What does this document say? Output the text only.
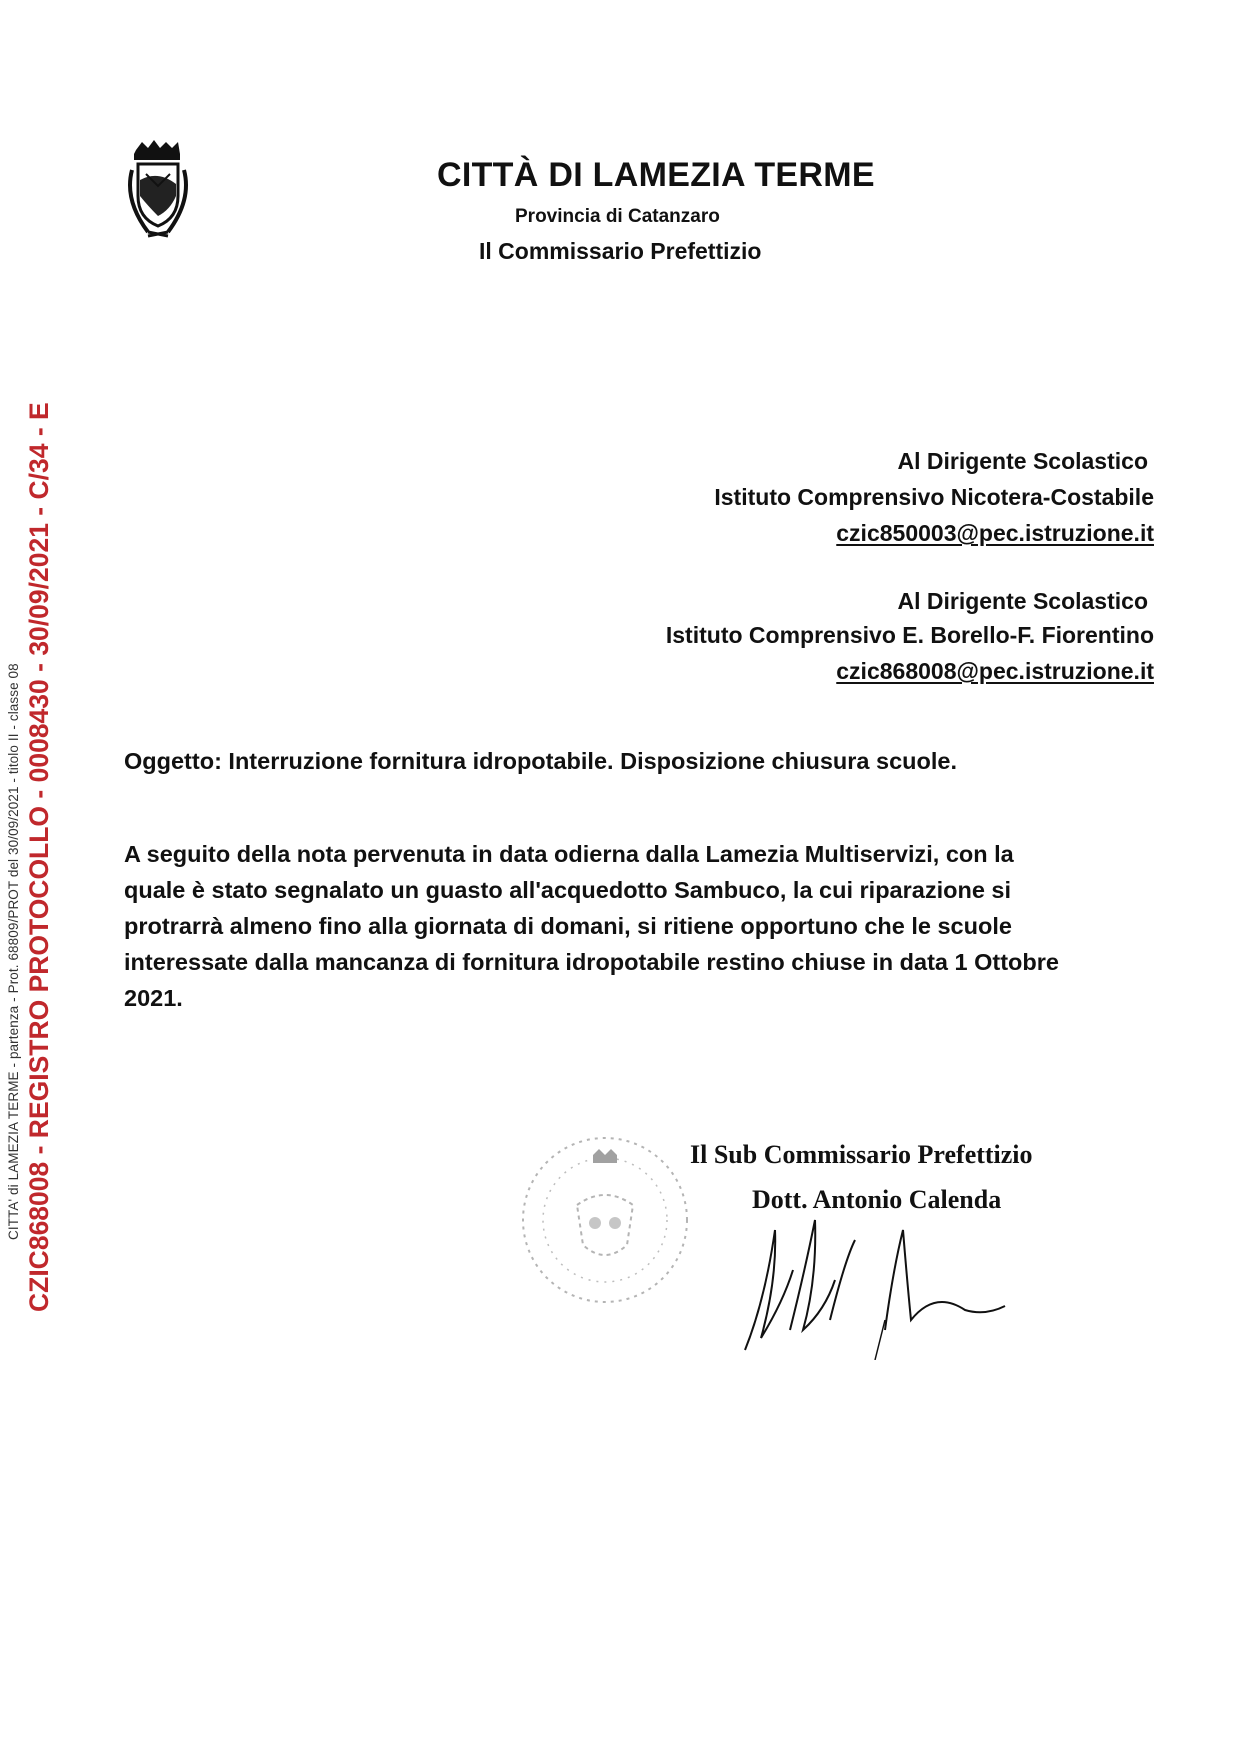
CITTA' di LAMEZIA TERME - partenza - Prot. 68809/PROT del 30/09/2021 - titolo II - classe 08 CZIC868008 - REGISTRO PROTOCOLLO - 0008430 - 30/09/2021 - C/34 - E
CITTÀ DI LAMEZIA TERME
Provincia di Catanzaro
Il Commissario Prefettizio
Al Dirigente Scolastico
Istituto Comprensivo Nicotera-Costabile
czic850003@pec.istruzione.it
Al Dirigente Scolastico
Istituto Comprensivo E. Borello-F. Fiorentino
czic868008@pec.istruzione.it
Oggetto: Interruzione fornitura idropotabile. Disposizione chiusura scuole.
A seguito della nota pervenuta in data odierna dalla Lamezia Multiservizi, con la
quale è stato segnalato un guasto all'acquedotto Sambuco, la cui riparazione si
protrarrà almeno fino alla giornata di domani, si ritiene opportuno che le scuole
interessate dalla mancanza di fornitura idropotabile restino chiuse in data 1 Ottobre
2021.
Il Sub Commissario Prefettizio
Dott. Antonio Calenda
